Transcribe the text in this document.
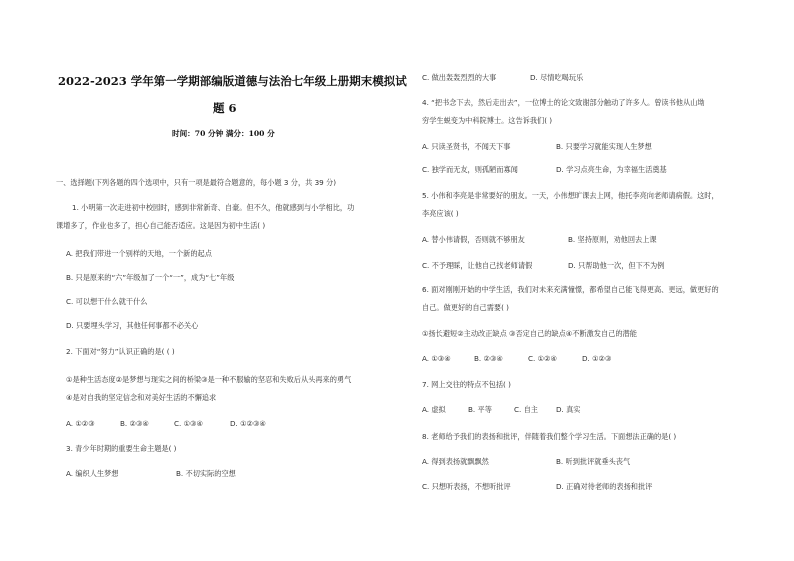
2022-2023 学年第一学期部编版道德与法治七年级上册期末模拟试
题 6
时间：70 分钟 满分：100 分
一、选择题(下列各题的四个选项中，只有一项是最符合题意的，每小题 3 分，共 39 分)
1. 小明第一次走进初中校园时，感到非常新奇、自豪。但不久，他就感到与小学相比，功
课增多了，作业也多了，担心自己能否适应。这是因为初中生活( )
A. 把我们带进一个别样的天地，一个新的起点
B. 只是原来的“六”年级加了一个“一”，成为“七”年级
C. 可以想干什么就干什么
D. 只要埋头学习，其他任何事都不必关心
2. 下面对“努力”认识正确的是( ( )
①是种生活态度②是梦想与现实之间的桥梁③是一种不服输的坚忍和失败后从头再来的勇气
④是对自我的坚定信念和对美好生活的不懈追求
A. ①②③	B. ②③④	C. ①③④	D. ①②③④
3. 青少年时期的重要生命主题是( )
A. 编织人生梦想	B. 不切实际的空想
C. 做出轰轰烈烈的大事	D. 尽情吃喝玩乐
4. “把书念下去，然后走出去”，一位博士的论文致谢部分触动了许多人。曾读书他从山坳
穷学生蜕变为中科院博士。这告诉我们( )
A. 只读圣贤书，不闻天下事	B. 只要学习就能实现人生梦想
C. 独学而无友，则孤陋而寡闻	D. 学习点亮生命，为幸福生活奠基
5. 小伟和李亮是非常要好的朋友。一天，小伟想旷课去上网，他托李亮向老师请病假。这时，
李亮应该( )
A. 替小伟请假，否则就不够朋友	B. 坚持原则，劝他回去上课
C. 不予理睬，让他自己找老师请假	D. 只帮助他一次，但下不为例
6. 面对刚刚开始的中学生活，我们对未来充满憧憬，都希望自己能飞得更高、更远，做更好的
自己。做更好的自己需要( )
①扬长避短②主动改正缺点 ③否定自己的缺点④不断激发自己的潜能
A. ①③④	B. ②③④	C. ①②④	D. ①②③
7. 网上交往的特点不包括( )
A. 虚拟	B. 平等	C. 自主	D. 真实
8. 老师给予我们的表扬和批评，伴随着我们整个学习生活。下面想法正确的是( )
A. 得到表扬就飘飘然	B. 听到批评就垂头丧气
C. 只想听表扬，不想听批评	D. 正确对待老师的表扬和批评
